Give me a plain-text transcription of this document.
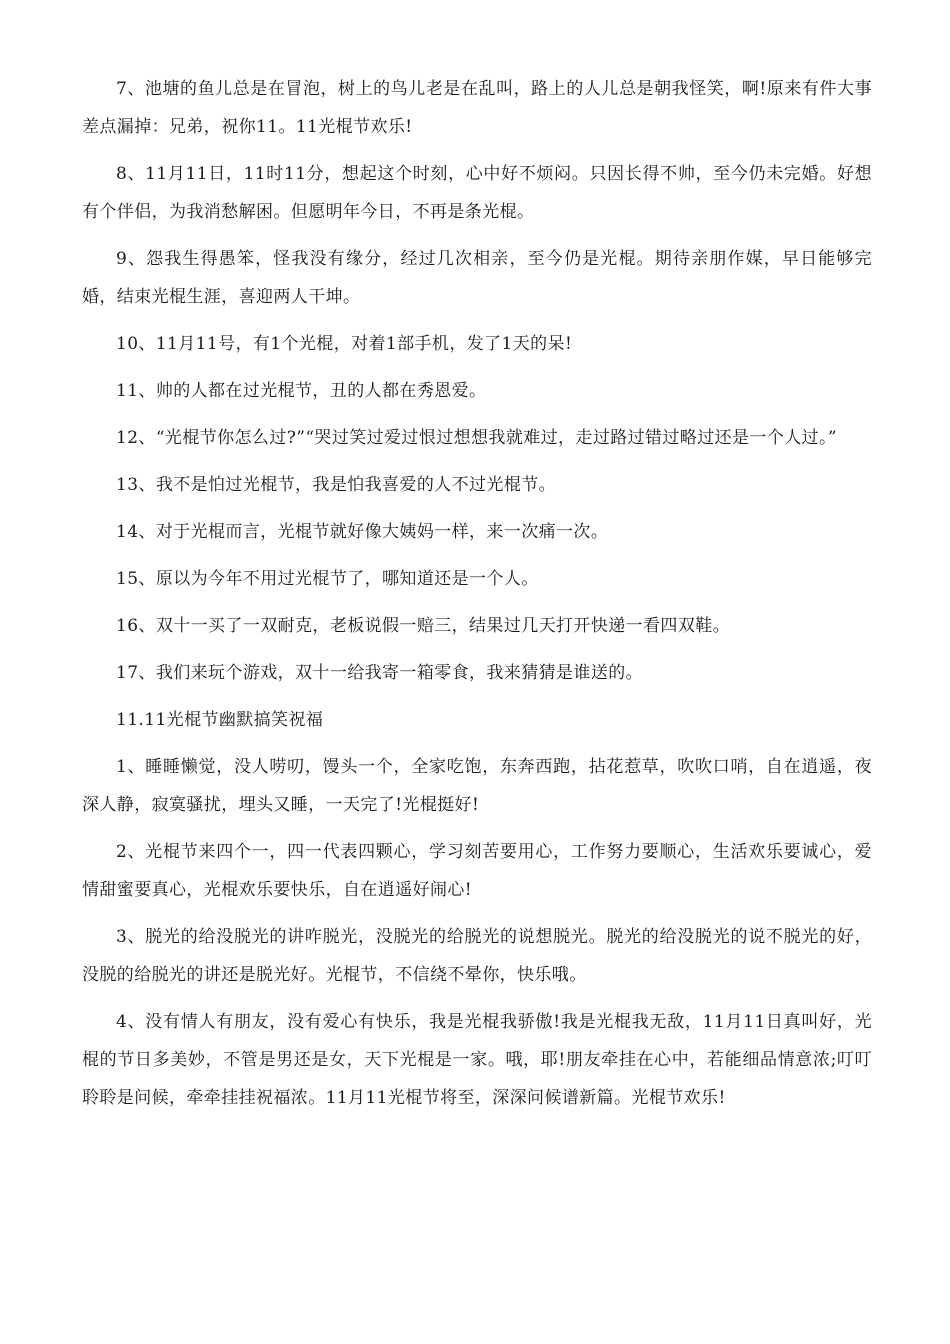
7、池塘的鱼儿总是在冒泡，树上的鸟儿老是在乱叫，路上的人儿总是朝我怪笑，啊!原来有件大事差点漏掉：兄弟，祝你11。11光棍节欢乐!

8、11月11日，11时11分，想起这个时刻，心中好不烦闷。只因长得不帅，至今仍未完婚。好想有个伴侣，为我消愁解困。但愿明年今日，不再是条光棍。

9、怨我生得愚笨，怪我没有缘分，经过几次相亲，至今仍是光棍。期待亲朋作媒，早日能够完婚，结束光棍生涯，喜迎两人干坤。

10、11月11号，有1个光棍，对着1部手机，发了1天的呆!

11、帅的人都在过光棍节，丑的人都在秀恩爱。

12、“光棍节你怎么过?”“哭过笑过爱过恨过想想我就难过，走过路过错过略过还是一个人过。”

13、我不是怕过光棍节，我是怕我喜爱的人不过光棍节。

14、对于光棍而言，光棍节就好像大姨妈一样，来一次痛一次。

15、原以为今年不用过光棍节了，哪知道还是一个人。

16、双十一买了一双耐克，老板说假一赔三，结果过几天打开快递一看四双鞋。

17、我们来玩个游戏，双十一给我寄一箱零食，我来猜猜是谁送的。

11.11光棍节幽默搞笑祝福

1、睡睡懒觉，没人唠叨，馒头一个，全家吃饱，东奔西跑，拈花惹草，吹吹口哨，自在逍遥，夜深人静，寂寞骚扰，埋头又睡，一天完了!光棍挺好!

2、光棍节来四个一，四一代表四颗心，学习刻苦要用心，工作努力要顺心，生活欢乐要诚心，爱情甜蜜要真心，光棍欢乐要快乐，自在逍遥好闹心!

3、脱光的给没脱光的讲咋脱光，没脱光的给脱光的说想脱光。脱光的给没脱光的说不脱光的好，没脱的给脱光的讲还是脱光好。光棍节，不信绕不晕你，快乐哦。

4、没有情人有朋友，没有爱心有快乐，我是光棍我骄傲!我是光棍我无敌，11月11日真叫好，光棍的节日多美妙，不管是男还是女，天下光棍是一家。哦，耶!朋友牵挂在心中，若能细品情意浓;叮叮聆聆是问候，牵牵挂挂祝福浓。11月11光棍节将至，深深问候谱新篇。光棍节欢乐!
